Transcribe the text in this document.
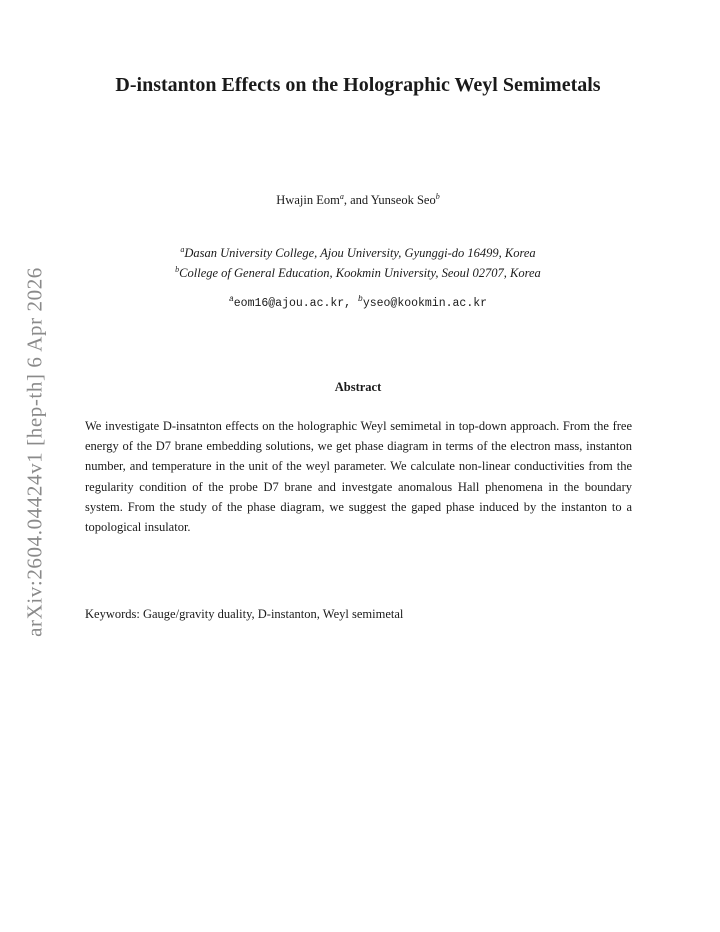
arXiv:2604.04424v1 [hep-th] 6 Apr 2026
D-instanton Effects on the Holographic Weyl Semimetals
Hwajin Eom$^a$, and Yunseok Seo$^b$
$^a$Dasan University College, Ajou University, Gyunggi-do 16499, Korea
$^b$College of General Education, Kookmin University, Seoul 02707, Korea
$^a$eom16@ajou.ac.kr, $^b$yseo@kookmin.ac.kr
Abstract
We investigate D-insatnton effects on the holographic Weyl semimetal in top-down approach. From the free energy of the D7 brane embedding solutions, we get phase diagram in terms of the electron mass, instanton number, and temperature in the unit of the weyl parameter. We calculate non-linear conductivities from the regularity condition of the probe D7 brane and investgate anomalous Hall phenomena in the boundary system. From the study of the phase diagram, we suggest the gaped phase induced by the instanton to a topological insulator.
Keywords: Gauge/gravity duality, D-instanton, Weyl semimetal
